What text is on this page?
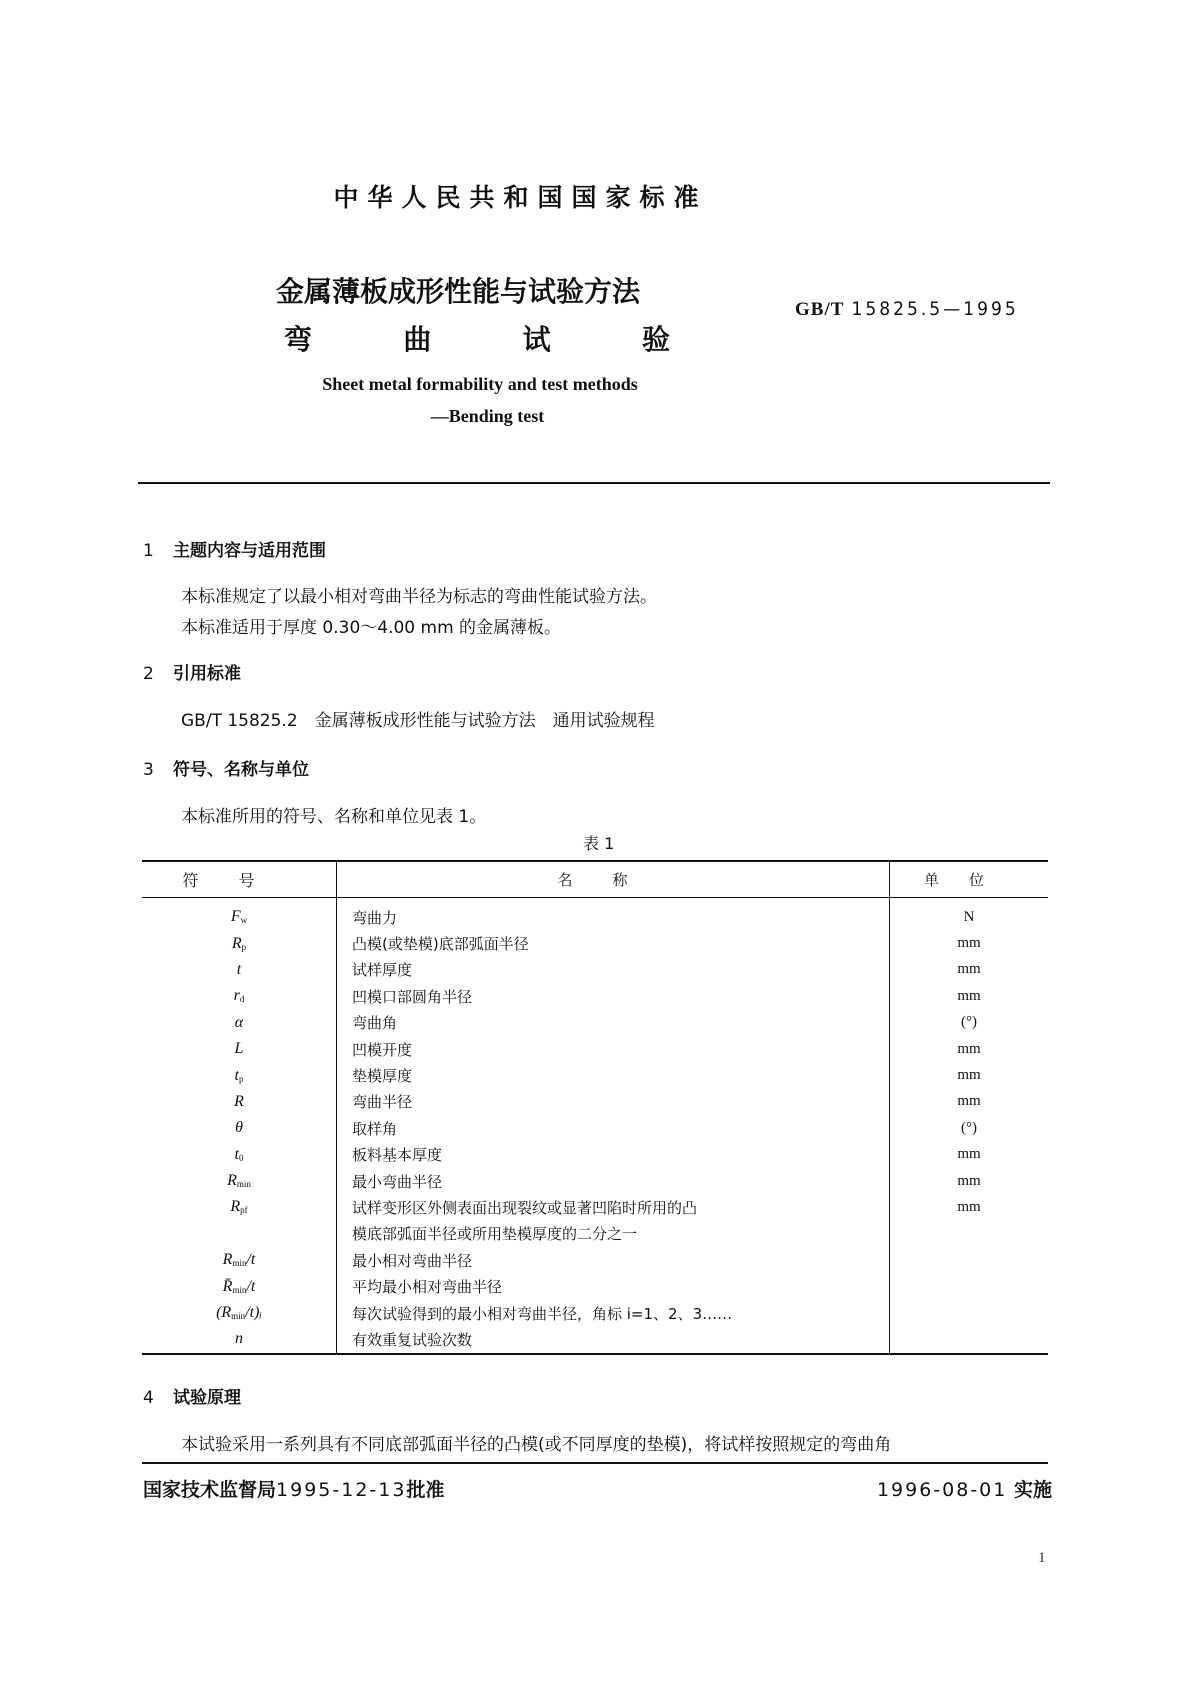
中华人民共和国国家标准
金属薄板成形性能与试验方法
弯	曲	试	验
GB/T 15825.5—1995
Sheet metal formability and test methods
—Bending test
1 主题内容与适用范围
本标准规定了以最小相对弯曲半径为标志的弯曲性能试验方法。
本标准适用于厚度 0.30～4.00 mm 的金属薄板。
2 引用标准
GB/T 15825.2　金属薄板成形性能与试验方法　通用试验规程
3 符号、名称与单位
本标准所用的符号、名称和单位见表 1。
表 1
符号	名称	单位
$F_w$	弯曲力	N
$R_p$	凸模(或垫模)底部弧面半径	mm
t	试样厚度	mm
$r_d$	凹模口部圆角半径	mm
α	弯曲角	(°)
L	凹模开度	mm
$t_p$	垫模厚度	mm
R	弯曲半径	mm
θ	取样角	(°)
$t_0$	板料基本厚度	mm
$R_{min}$	最小弯曲半径	mm
$R_{pf}$	试样变形区外侧表面出现裂纹或显著凹陷时所用的凸	mm
	模底部弧面半径或所用垫模厚度的二分之一	
$R_{min}/t$	最小相对弯曲半径	
$R̄_{min}/t$	平均最小相对弯曲半径	
$(R_{min}/t)ᵢ$	每次试验得到的最小相对弯曲半径，角标 i=1、2、3……	
n	有效重复试验次数	
4 试验原理
本试验采用一系列具有不同底部弧面半径的凸模(或不同厚度的垫模)，将试样按照规定的弯曲角
国家技术监督局1995-12-13批准	1996-08-01 实施
1
